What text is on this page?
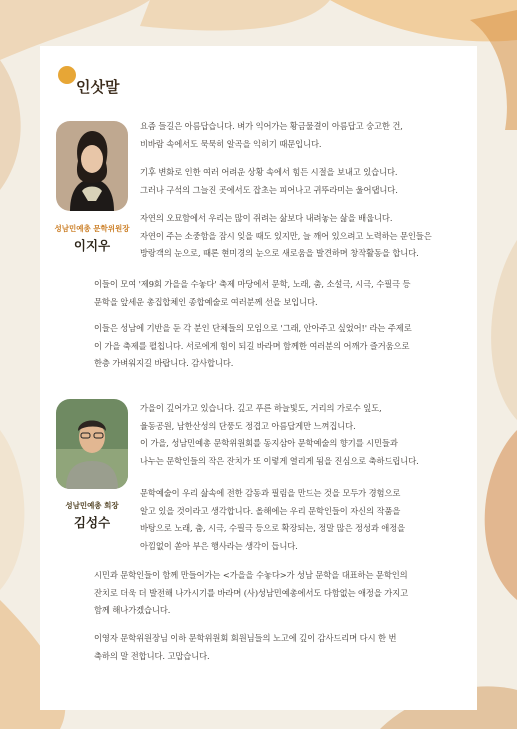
인삿말

성남민예총 문학위원장

이지우

성남민예총 회장

김성수

요즘 들길은 아름답습니다. 벼가 익어가는 황금물결이 아름답고 숭고한 건,
비바람 속에서도 묵묵히 알곡을 익히기 때문입니다.

기후 변화로 인한 여러 어려운 상황 속에서 힘든 시절을 보내고 있습니다.
그러나 구석의 그늘진 곳에서도 잡초는 피어나고 귀뚜라미는 울어댑니다.

자연의 오묘함에서 우리는 많이 쥐려는 삶보다 내려놓는 삶을 배웁니다.
자연이 주는 소중함을 잠시 잊을 때도 있지만, 늘 깨어 있으려고 노력하는 문인들은
방랑객의 눈으로, 때론 현미경의 눈으로 새로움을 발견하며 창작활동을 합니다.

이들이 모여 '제9회 가을을 수놓다' 축제 마당에서 문학, 노래, 춤, 소설극, 시극, 수필극 등
문학을 앞세운 총집합체인 종합예술로 여러분께 선을 보입니다.

이들은 성남에 기반을 둔 각 분인 단체들의 모임으로 '그래, 안아주고 싶었어!' 라는 주제로
이 가을 축제를 펼칩니다. 서로에게 힘이 되길 바라며 함께한 여러분의 어깨가 즐거움으로
한층 가벼워지길 바랍니다. 감사합니다.

가을이 깊어가고 있습니다. 깊고 푸른 하늘빛도, 거리의 가로수 잎도,
율동공원, 남한산성의 단풍도 정겹고 아름답게만 느껴집니다.
이 가을, 성남민예총 문학위원회를 동지삼아 문학예술의 향기를 시민들과
나누는 문학인들의 작은 잔치가 또 이렇게 열리게 됨을 진심으로 축하드립니다.

문학예술이 우리 삶속에 전한 감동과 필림을 만드는 것을 모두가 경험으로
알고 있을 것이라고 생각합니다. 올해에는 우리 문학인들이 자신의 작품을
바탕으로 노래, 춤, 시극, 수필극 등으로 확장되는, 정말 많은 정성과 애정을
아낌없이 쏟아 부은 행사라는 생각이 듭니다.

시민과 문학인들이 함께 만들어가는 <가을을 수놓다>가 성남 문학을 대표하는 문학인의
잔치로 더욱 더 발전해 나가시기를 바라며 (사)성남민예총에서도 다함없는 애정을 가지고
함께 해나가겠습니다.

이영자 문학위원장님 이하 문학위원회 회원님들의 노고에 깊이 감사드리며 다시 한 번
축하의 말 전합니다. 고맙습니다.
